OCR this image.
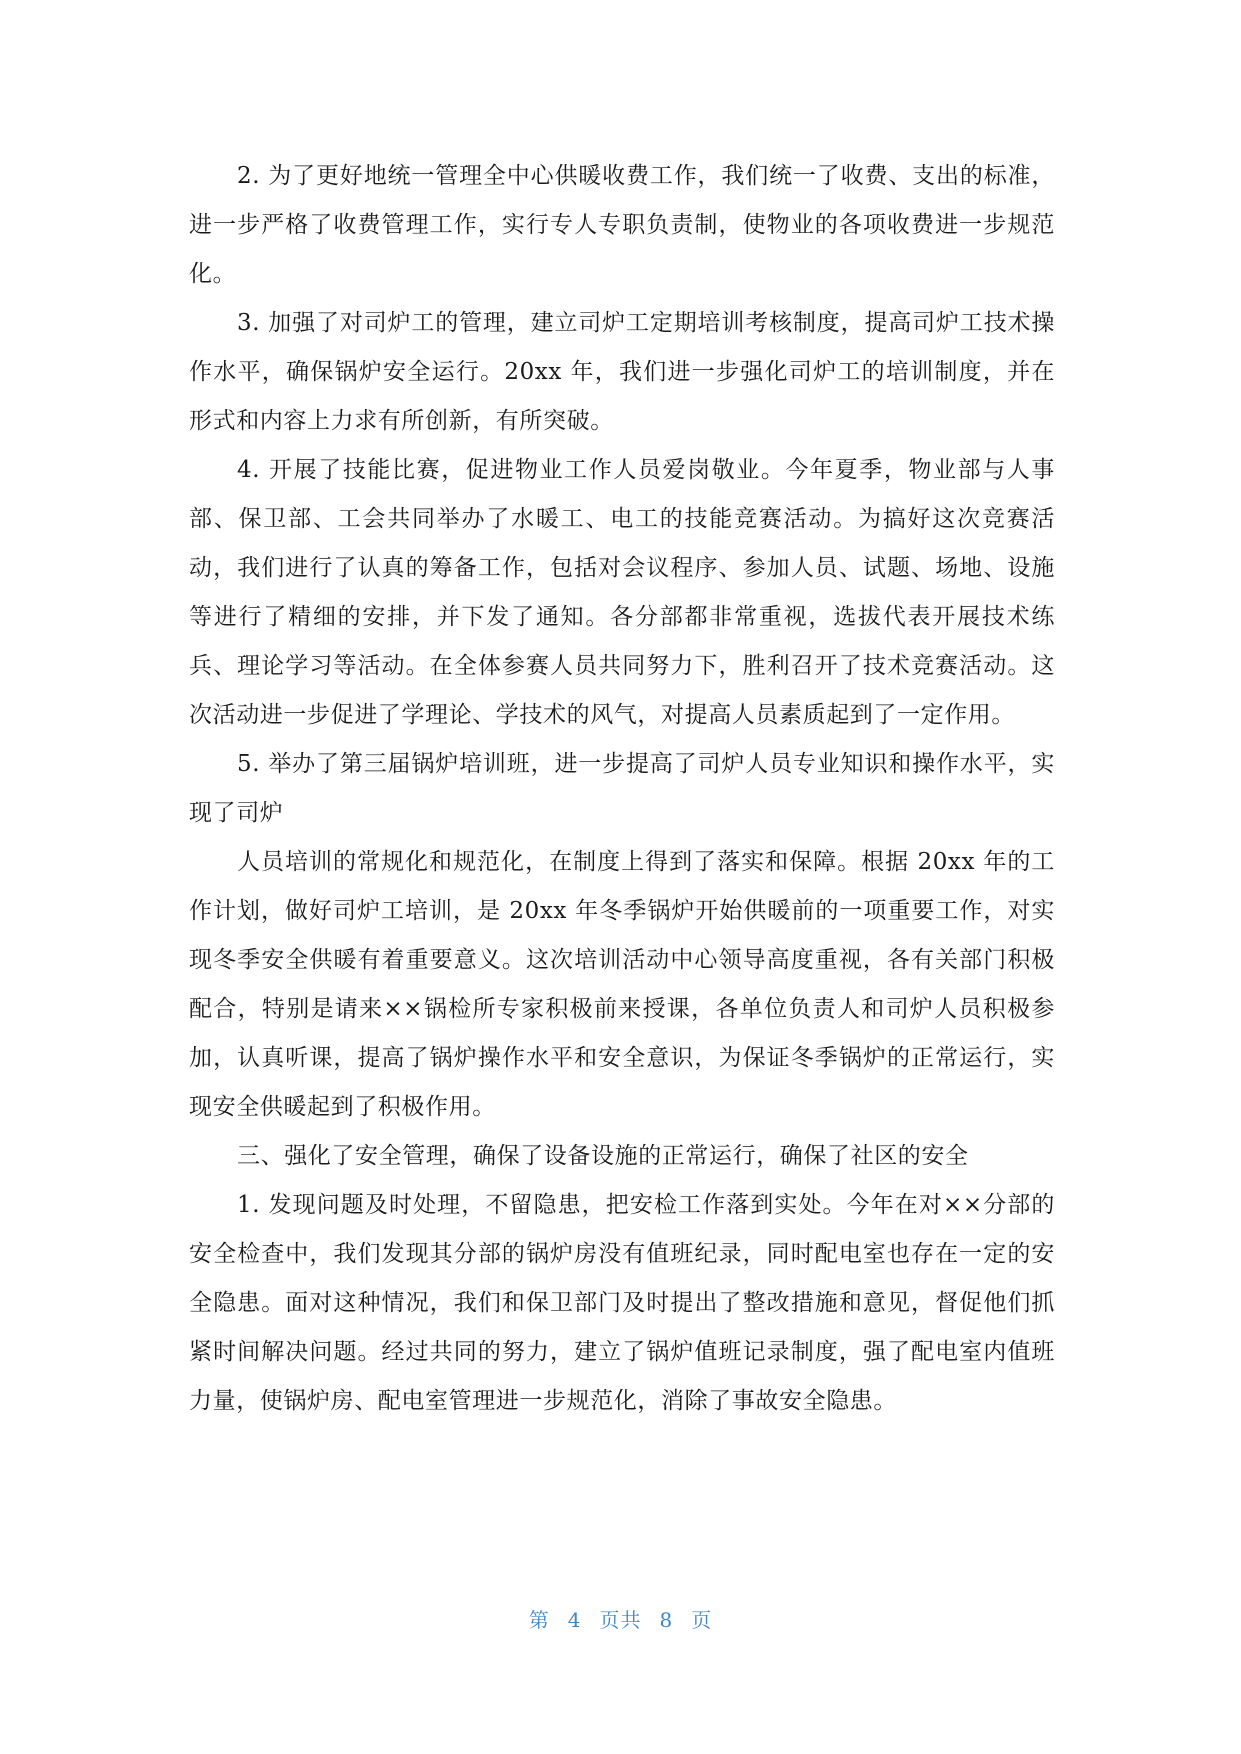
2. 为了更好地统一管理全中心供暖收费工作，我们统一了收费、支出的标准，进一步严格了收费管理工作，实行专人专职负责制，使物业的各项收费进一步规范化。

3. 加强了对司炉工的管理，建立司炉工定期培训考核制度，提高司炉工技术操作水平，确保锅炉安全运行。20xx 年，我们进一步强化司炉工的培训制度，并在形式和内容上力求有所创新，有所突破。

4. 开展了技能比赛，促进物业工作人员爱岗敬业。今年夏季，物业部与人事部、保卫部、工会共同举办了水暖工、电工的技能竞赛活动。为搞好这次竞赛活动，我们进行了认真的筹备工作，包括对会议程序、参加人员、试题、场地、设施等进行了精细的安排，并下发了通知。各分部都非常重视，选拔代表开展技术练兵、理论学习等活动。在全体参赛人员共同努力下，胜利召开了技术竞赛活动。这次活动进一步促进了学理论、学技术的风气，对提高人员素质起到了一定作用。

5. 举办了第三届锅炉培训班，进一步提高了司炉人员专业知识和操作水平，实现了司炉

人员培训的常规化和规范化，在制度上得到了落实和保障。根据 20xx 年的工作计划，做好司炉工培训，是 20xx 年冬季锅炉开始供暖前的一项重要工作，对实现冬季安全供暖有着重要意义。这次培训活动中心领导高度重视，各有关部门积极配合，特别是请来××锅检所专家积极前来授课，各单位负责人和司炉人员积极参加，认真听课，提高了锅炉操作水平和安全意识，为保证冬季锅炉的正常运行，实现安全供暖起到了积极作用。

三、强化了安全管理，确保了设备设施的正常运行，确保了社区的安全

1. 发现问题及时处理，不留隐患，把安检工作落到实处。今年在对××分部的安全检查中，我们发现其分部的锅炉房没有值班纪录，同时配电室也存在一定的安全隐患。面对这种情况，我们和保卫部门及时提出了整改措施和意见，督促他们抓紧时间解决问题。经过共同的努力，建立了锅炉值班记录制度，强了配电室内值班力量，使锅炉房、配电室管理进一步规范化，消除了事故安全隐患。

第 4 页共 8 页
